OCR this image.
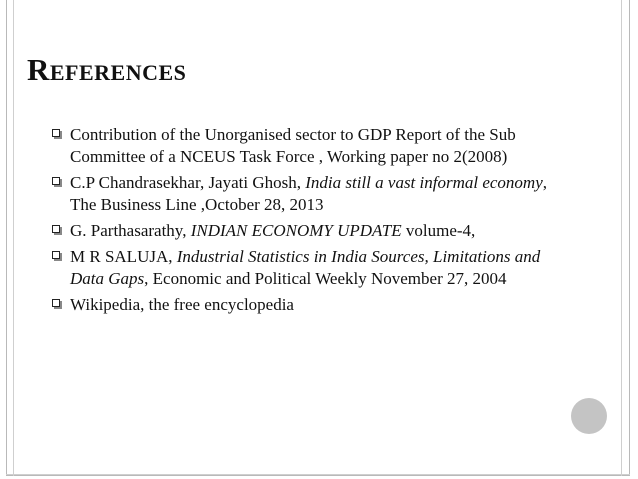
References
Contribution of the Unorganised sector to GDP Report of the Sub Committee of a NCEUS Task Force , Working paper no 2(2008)
C.P Chandrasekhar, Jayati Ghosh, India still a vast informal economy, The Business Line ,October 28, 2013
G. Parthasarathy, INDIAN ECONOMY UPDATE volume-4,
M R SALUJA, Industrial Statistics in India Sources, Limitations and Data Gaps, Economic and Political Weekly November 27, 2004
Wikipedia, the free encyclopedia
